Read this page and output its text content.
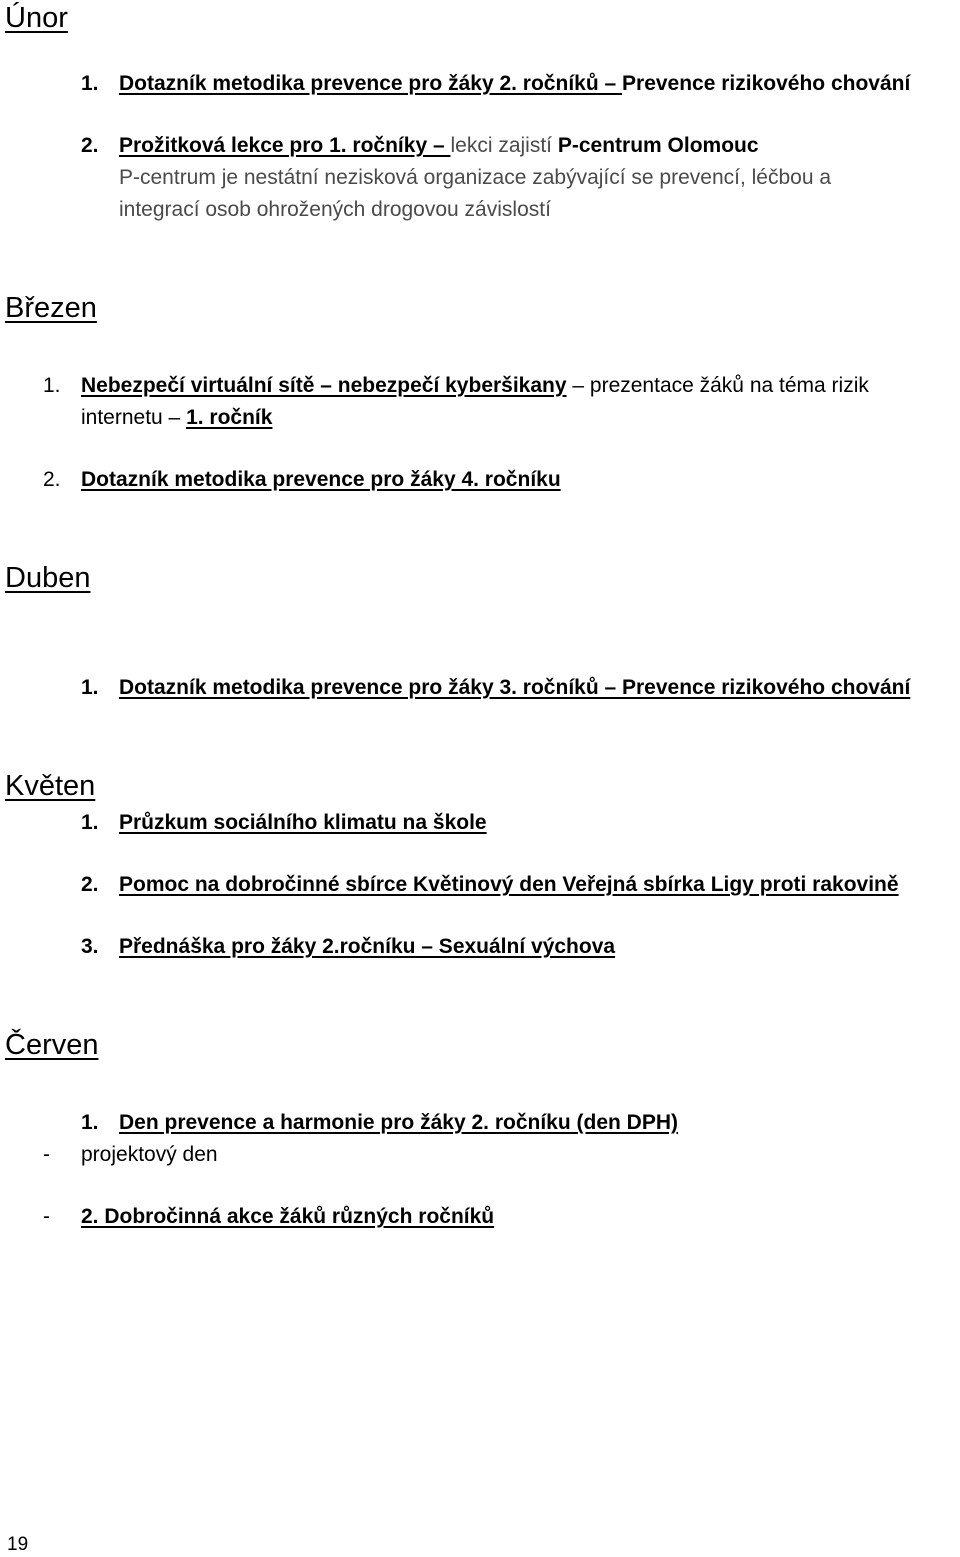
Únor
1. Dotazník metodika prevence pro žáky 2. ročníků – Prevence rizikového chování
2. Prožitková lekce pro 1. ročníky – lekci zajistí P-centrum Olomouc
P-centrum je nestátní nezisková organizace zabývající se prevencí, léčbou a
integrací osob ohrožených drogovou závislostí
Březen
1. Nebezpečí virtuální sítě – nebezpečí kyberšikany – prezentace žáků na téma rizik
internetu – 1. ročník
2. Dotazník metodika prevence pro žáky 4. ročníku
Duben
1. Dotazník metodika prevence pro žáky 3. ročníků – Prevence rizikového chování
Květen
1. Průzkum sociálního klimatu na škole
2. Pomoc na dobročinné sbírce Květinový den Veřejná sbírka Ligy proti rakovině
3. Přednáška pro žáky 2.ročníku – Sexuální výchova
Červen
1. Den prevence a harmonie pro žáky 2. ročníku (den DPH)
- projektový den
- 2. Dobročinná akce žáků různých ročníků
19
